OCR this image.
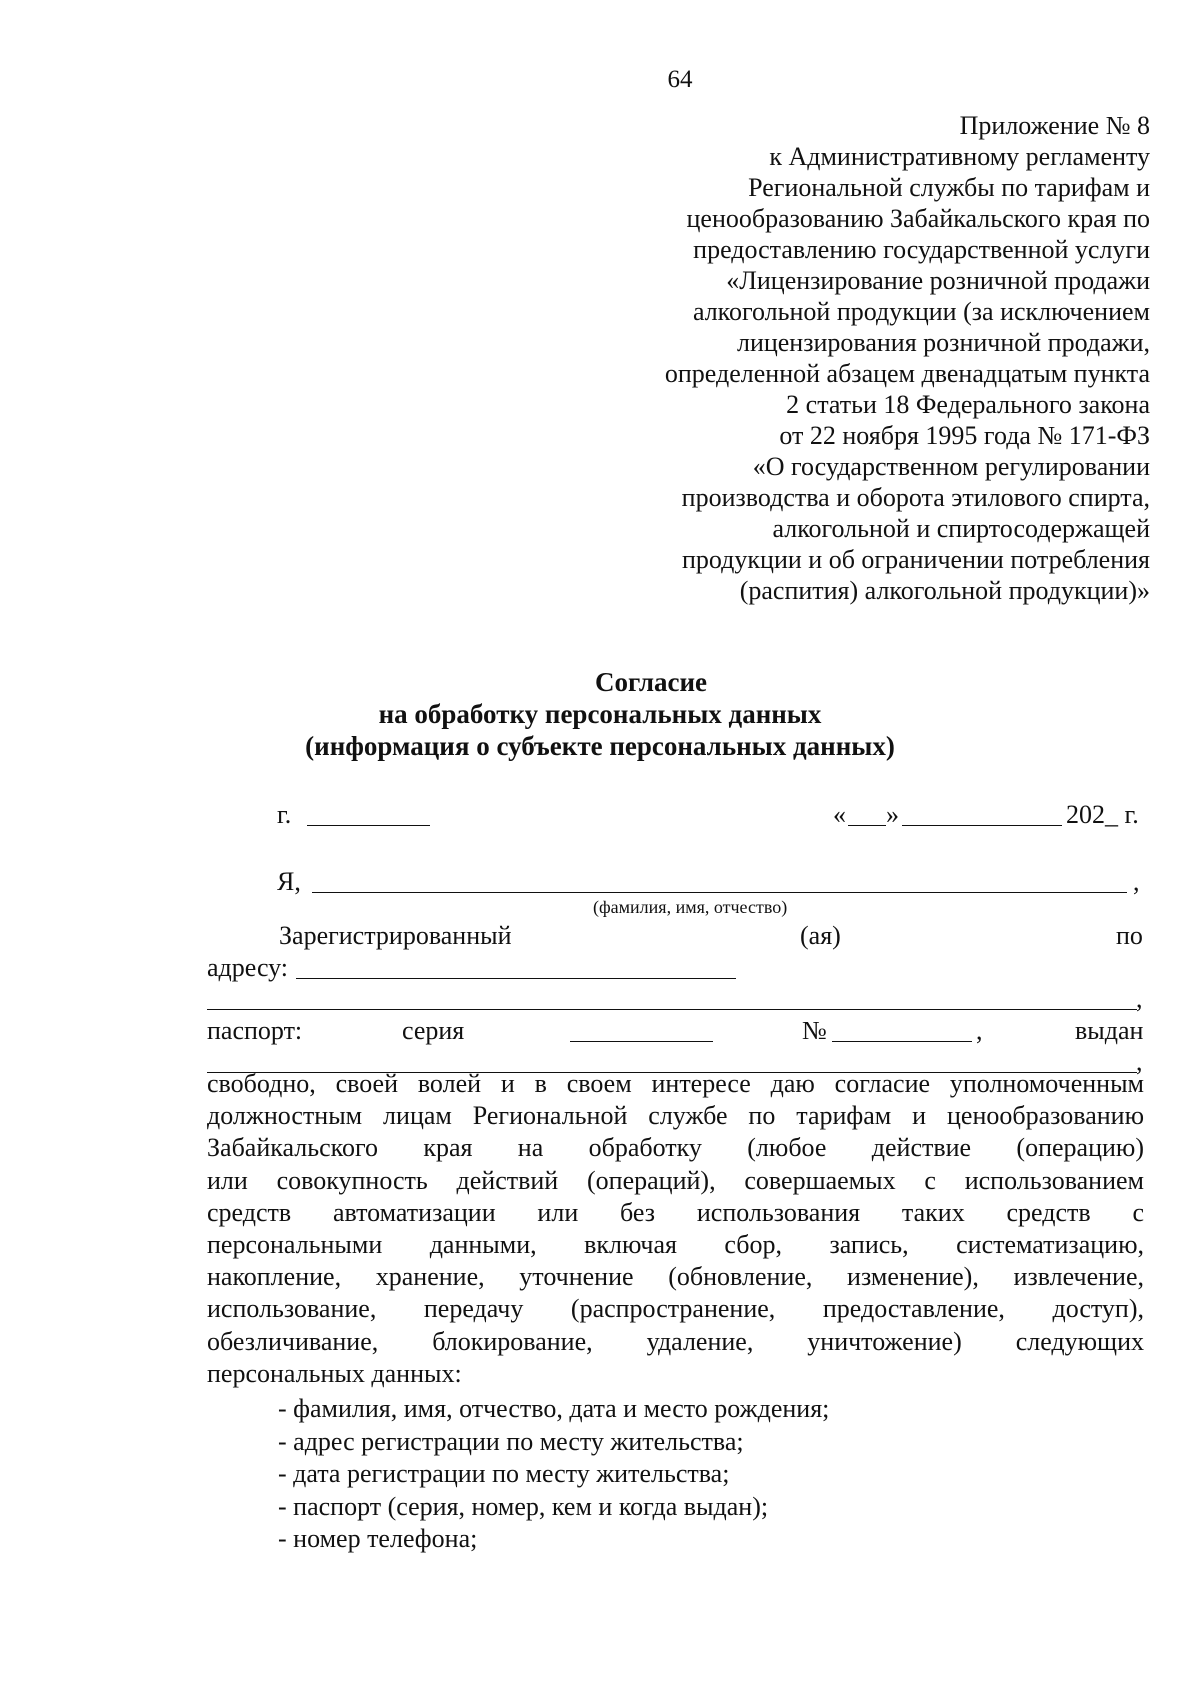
64
Приложение № 8
к Административному регламенту
Региональной службы по тарифам и
ценообразованию Забайкальского края по
предоставлению государственной услуги
«Лицензирование розничной продажи
алкогольной продукции (за исключением
лицензирования розничной продажи,
определенной абзацем двенадцатым пункта
2 статьи 18 Федерального закона
от 22 ноября 1995 года № 171-ФЗ
«О государственном регулировании
производства и оборота этилового спирта,
алкогольной и спиртосодержащей
продукции и об ограничении потребления
(распития) алкогольной продукции)»
Согласие
на обработку персональных данных
(информация о субъекте персональных данных)
г.	« »	202_ г.
Я,	,
(фамилия, имя, отчество)
Зарегистрированный	(ая)	по
адресу:
,
паспорт:	серия	№	,	выдан
,
свободно, своей волей и в своем интересе даю согласие уполномоченным
должностным лицам Региональной службе по тарифам и ценообразованию
Забайкальского края на обработку (любое действие (операцию)
или совокупность действий (операций), совершаемых с использованием
средств автоматизации или без использования таких средств с
персональными данными, включая сбор, запись, систематизацию,
накопление, хранение, уточнение (обновление, изменение), извлечение,
использование, передачу (распространение, предоставление, доступ),
обезличивание, блокирование, удаление, уничтожение) следующих
персональных данных:
- фамилия, имя, отчество, дата и место рождения;
- адрес регистрации по месту жительства;
- дата регистрации по месту жительства;
- паспорт (серия, номер, кем и когда выдан);
- номер телефона;
